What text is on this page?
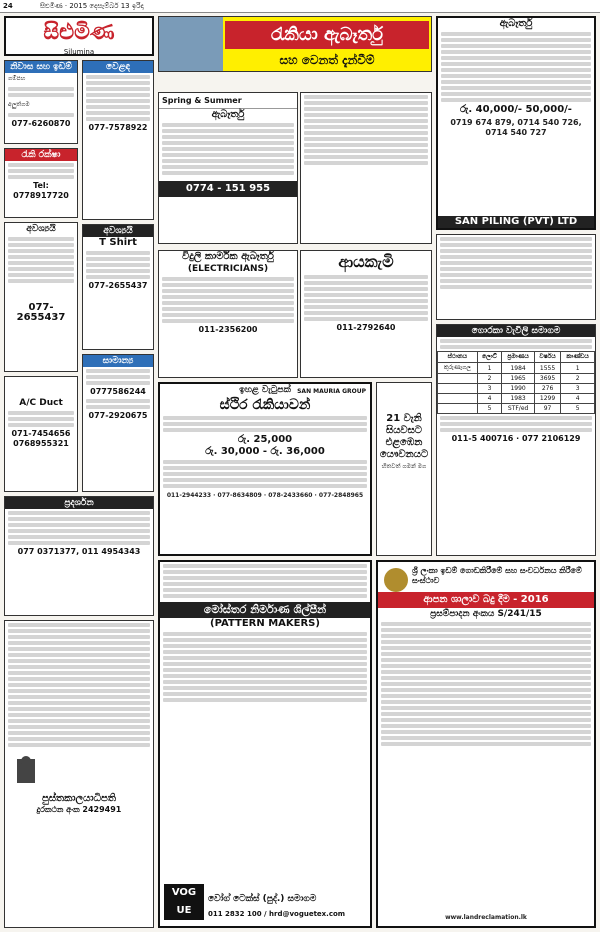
24	සිළුමිණ · 2015 දෙසැම්බර් 13 ඉරිදා
සිළුමිණ
Silumina
රැකියා ඇබෑර්තු
සහ වෙනත් දැන්වීම්
නිවාස සහ ඉඩම්
ගම්පහ
අලුත්ගම
077-6260870
රැකි රක්ෂා
Tel: 0778917720
අවශ්‍යයි
077-2655437
A/C Duct
071-7454656
0768955321
වෙළඳ
077-7578922
අවශ්‍යයි
T Shirt
077-2655437
සාමාන්‍ය
0777586244
077-2920675
Spring & Summer
ඇබෑර්තු
0774 - 151 955
විදුලි කාර්මික ඇබෑර්තු
(ELECTRICIANS)
011-2356200
ආයකැමි
011-2792640
ඉහළ වැටුපක්
ස්ථිර රැකියාවන්
SAN MAURIA GROUP
රු. 25,000
රු. 30,000 - රු. 36,000
011-2944233 · 077-8634809 · 078-2433660 · 077-2848965
21 වැනි
සියවසට
එළඹෙන
යෞවනයට
හිතවත් ගමන් මග
ඇබෑර්තු
රු. 40,000/- 50,000/-
0719 674 879, 0714 540 726, 0714 540 727
SAN PILING (PVT) LTD
ගොරකා වැවිලි සමාගම
ස්ථානය	ලොට්	ප්‍රමාණය	වර්ෂය	කාණ්ඩය
කුරුණෑගල	1	1984	1555	1
	2	1965	3695	2
	3	1990	276	3
	4	1983	1299	4
	5	STF/ed	97	5
011-5 400716 · 077 2106129
ප්‍රදර්ශන
077 0371377, 011 4954343
පුස්තකාලයාධිපති
දුරකථන අංක 2429491
මෝස්තර නිර්මාණ ශිල්පීන්
(PATTERN MAKERS)
VOG UE
වෝග් ටෙක්ස් (පුද්.) සමාගම
011 2832 100 / hrd@voguetex.com
ශ්‍රී ලංකා ඉඩම් ගොඩකිරීමේ සහ සංවර්ධනය කිරීමේ සංස්ථාව
ආපන ශාලාව බදු දීම - 2016
ප්‍රසම්පාදන අංකය S/241/15
www.landreclamation.lk
